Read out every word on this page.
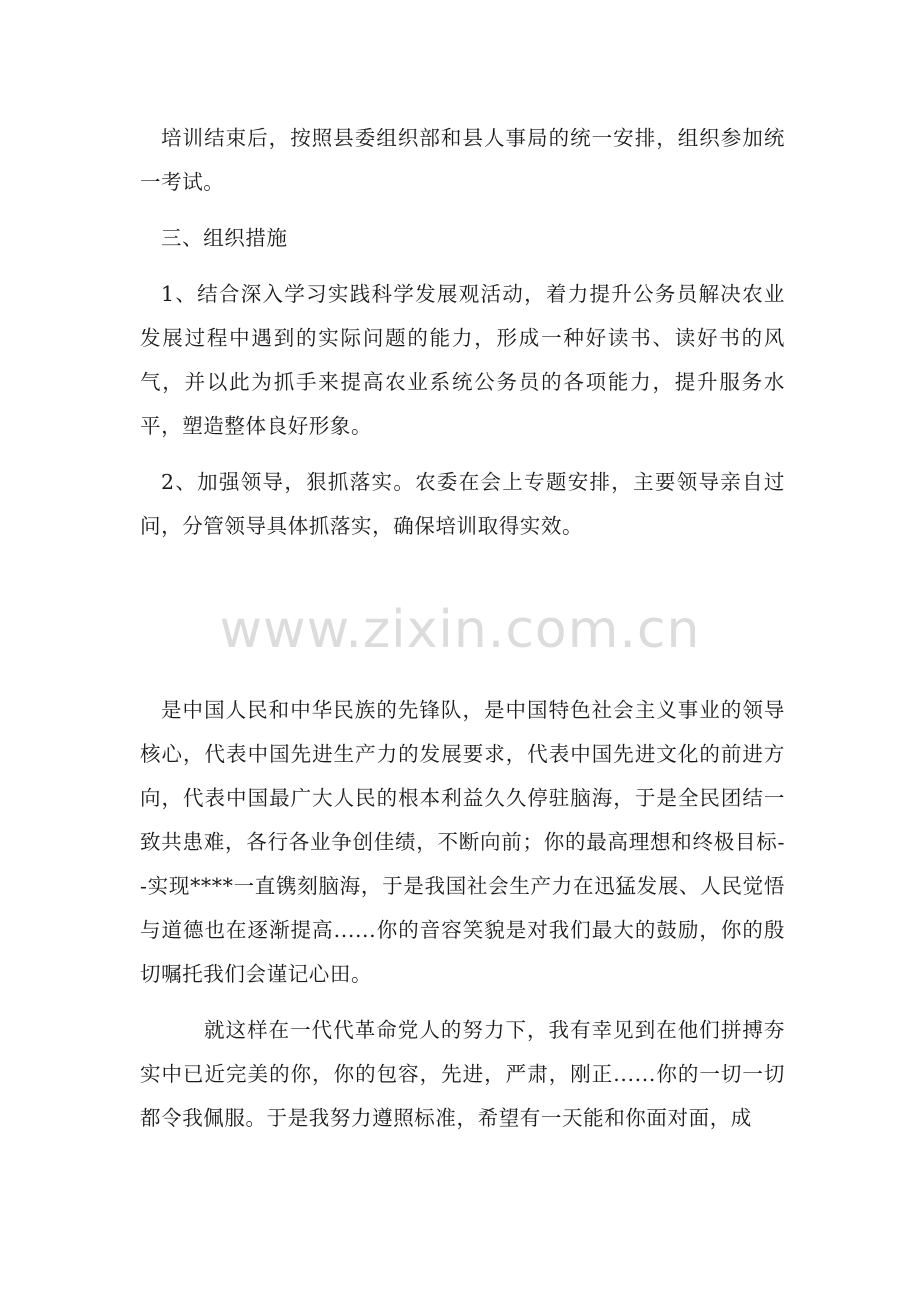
培训结束后，按照县委组织部和县人事局的统一安排，组织参加统一考试。

三、组织措施

1、结合深入学习实践科学发展观活动，着力提升公务员解决农业发展过程中遇到的实际问题的能力，形成一种好读书、读好书的风气，并以此为抓手来提高农业系统公务员的各项能力，提升服务水平，塑造整体良好形象。

2、加强领导，狠抓落实。农委在会上专题安排，主要领导亲自过问，分管领导具体抓落实，确保培训取得实效。

www.zixin.com.cn

是中国人民和中华民族的先锋队，是中国特色社会主义事业的领导核心，代表中国先进生产力的发展要求，代表中国先进文化的前进方向，代表中国最广大人民的根本利益久久停驻脑海，于是全民团结一致共患难，各行各业争创佳绩，不断向前；你的最高理想和终极目标--实现****一直镌刻脑海，于是我国社会生产力在迅猛发展、人民觉悟与道德也在逐渐提高......你的音容笑貌是对我们最大的鼓励，你的殷切嘱托我们会谨记心田。

就这样在一代代革命党人的努力下，我有幸见到在他们拼搏夯实中已近完美的你，你的包容，先进，严肃，刚正......你的一切一切都令我佩服。于是我努力遵照标准，希望有一天能和你面对面，成
